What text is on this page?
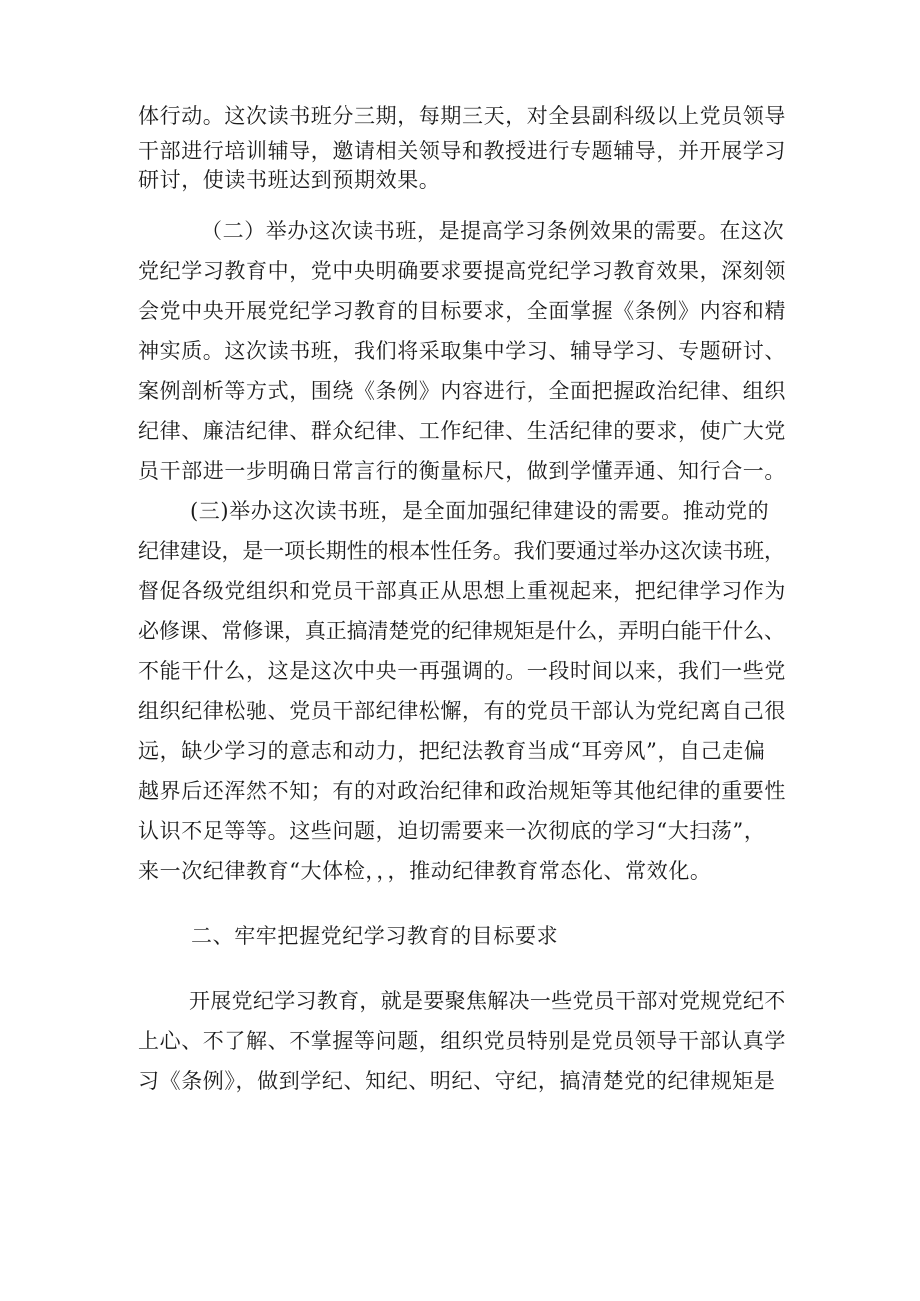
体行动。这次读书班分三期，每期三天，对全县副科级以上党员领导
干部进行培训辅导，邀请相关领导和教授进行专题辅导，并开展学习
研讨，使读书班达到预期效果。
（二）举办这次读书班，是提高学习条例效果的需要。在这次
党纪学习教育中，党中央明确要求要提高党纪学习教育效果，深刻领
会党中央开展党纪学习教育的目标要求，全面掌握《条例》内容和精
神实质。这次读书班，我们将采取集中学习、辅导学习、专题研讨、
案例剖析等方式，围绕《条例》内容进行，全面把握政治纪律、组织
纪律、廉洁纪律、群众纪律、工作纪律、生活纪律的要求，使广大党
员干部进一步明确日常言行的衡量标尺，做到学懂弄通、知行合一。
(三)举办这次读书班，是全面加强纪律建设的需要。推动党的
纪律建设，是一项长期性的根本性任务。我们要通过举办这次读书班，
督促各级党组织和党员干部真正从思想上重视起来，把纪律学习作为
必修课、常修课，真正搞清楚党的纪律规矩是什么，弄明白能干什么、
不能干什么，这是这次中央一再强调的。一段时间以来，我们一些党
组织纪律松驰、党员干部纪律松懈，有的党员干部认为党纪离自己很
远，缺少学习的意志和动力，把纪法教育当成“耳旁风”，自己走偏
越界后还浑然不知；有的对政治纪律和政治规矩等其他纪律的重要性
认识不足等等。这些问题，迫切需要来一次彻底的学习“大扫荡”，
来一次纪律教育“大体检，，，推动纪律教育常态化、常效化。
二、牢牢把握党纪学习教育的目标要求
开展党纪学习教育，就是要聚焦解决一些党员干部对党规党纪不
上心、不了解、不掌握等问题，组织党员特别是党员领导干部认真学
习《条例》，做到学纪、知纪、明纪、守纪，搞清楚党的纪律规矩是
